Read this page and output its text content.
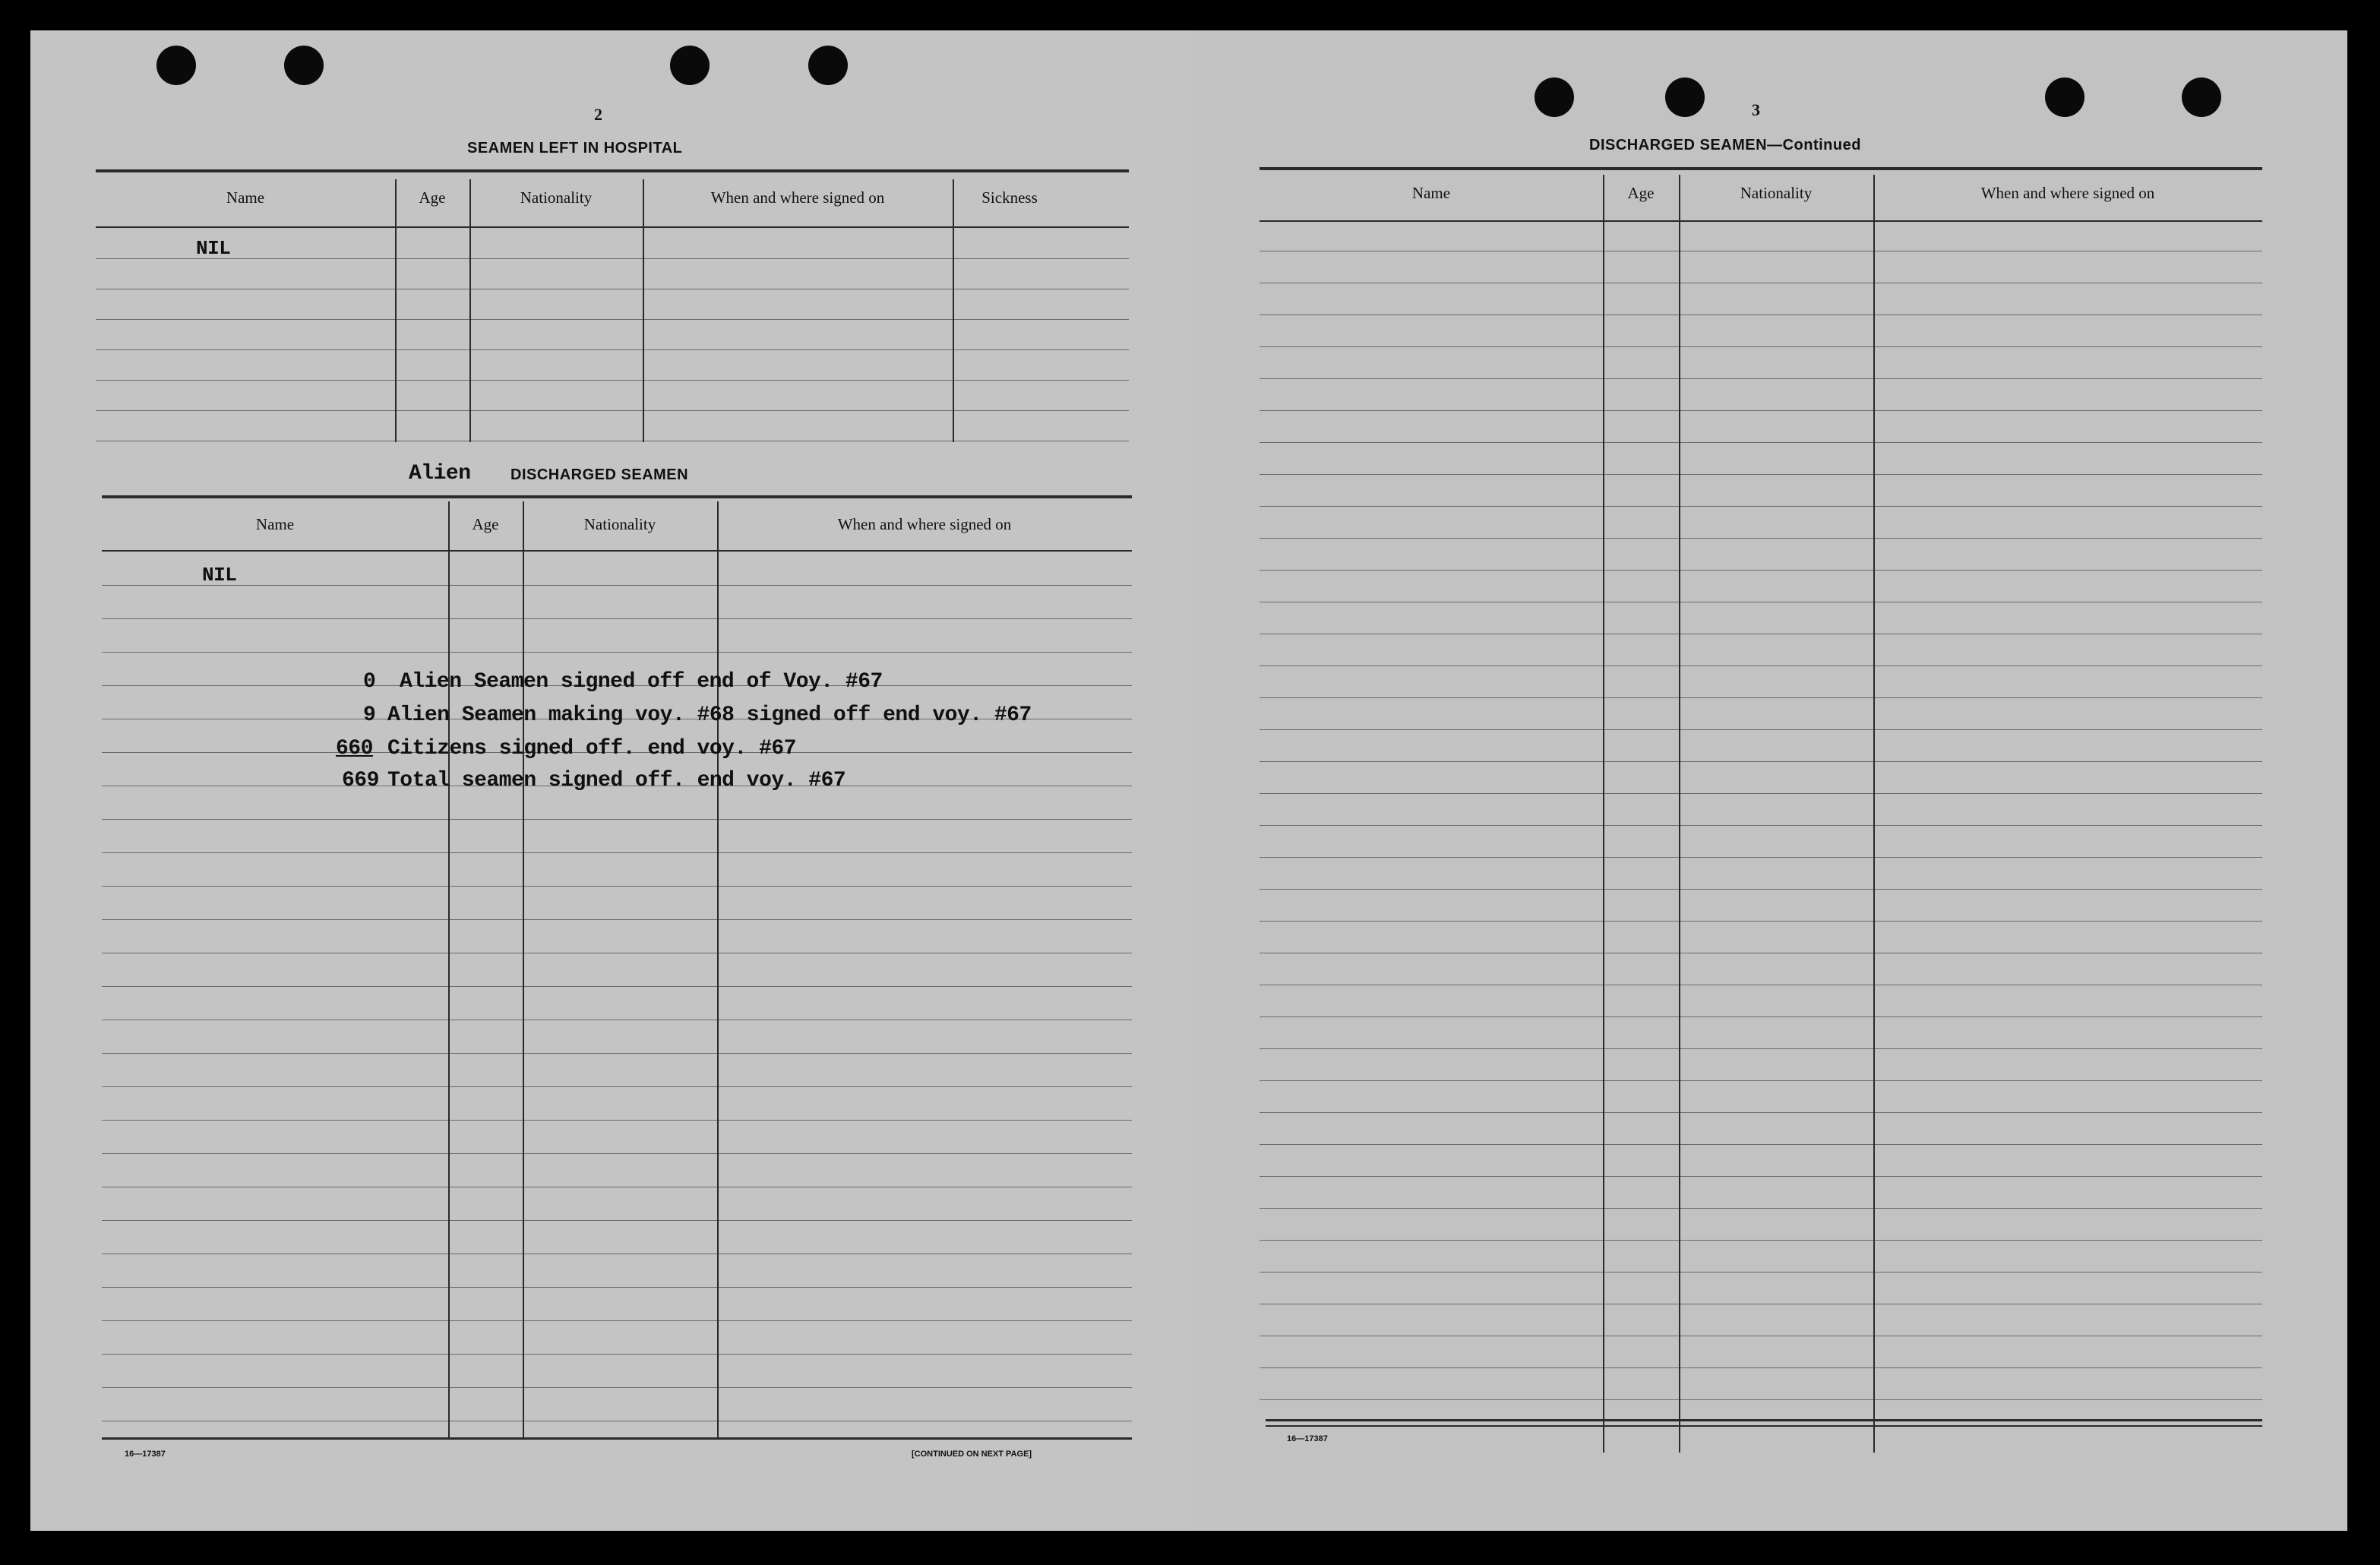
2
SEAMEN LEFT IN HOSPITAL
Name	Age	Nationality	When and where signed on	Sickness
NIL
Alien	DISCHARGED SEAMEN
Name	Age	Nationality	When and where signed on
NIL
0 Alien Seamen signed off end of Voy. #67
9 Alien Seamen making voy. #68 signed off end voy. #67
660 Citizens signed off. end voy. #67
669 Total seamen signed off. end voy. #67
16—17387	[CONTINUED ON NEXT PAGE]
3
DISCHARGED SEAMEN—Continued
Name	Age	Nationality	When and where signed on
16—17387
